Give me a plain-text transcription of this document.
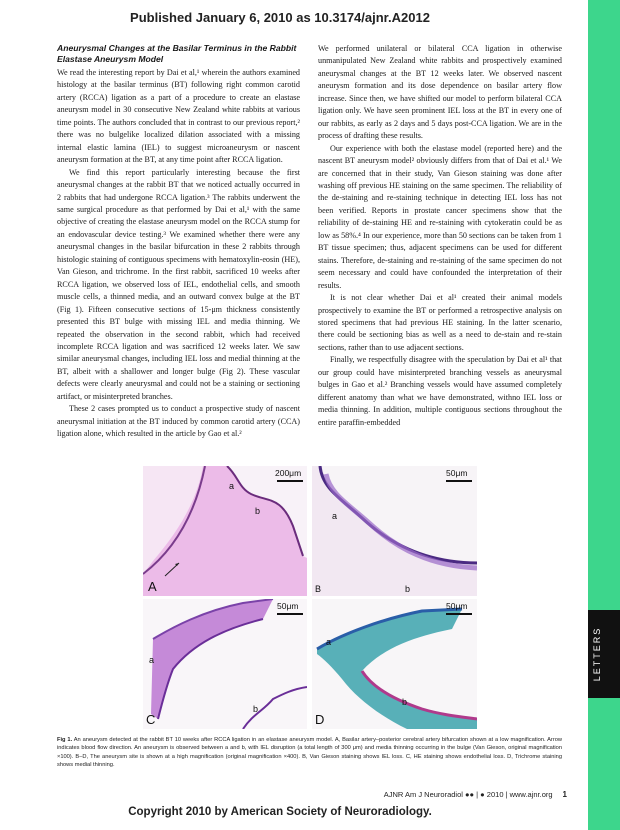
Published January 6, 2010 as 10.3174/ajnr.A2012
LETTERS
Aneurysmal Changes at the Basilar Terminus in the Rabbit Elastase Aneurysm Model

We read the interesting report by Dai et al,¹ wherein the authors examined histology at the basilar terminus (BT) following right common carotid artery (RCCA) ligation as a part of a procedure to create an elastase aneurysm model in 30 consecutive New Zealand white rabbits at various time points. The authors concluded that in contrast to our previous report,² there was no bulgelike localized dilation associated with a missing internal elastic lamina (IEL) to suggest microaneurysm or nascent aneurysm formation at the BT, at any time point after RCCA ligation.

We find this report particularly interesting because the first aneurysmal changes at the rabbit BT that we noticed actually occurred in 2 rabbits that had undergone RCCA ligation.³ The rabbits underwent the same surgical procedure as that performed by Dai et al,¹ with the same objective of creating the elastase aneurysm model on the RCCA stump for an endovascular device testing.³ We examined whether there were any aneurysmal changes in the basilar bifurcation in these 2 rabbits through histologic staining of contiguous specimens with hematoxylin-eosin (HE), Van Gieson, and trichrome. In the first rabbit, sacrificed 10 weeks after RCCA ligation, we observed loss of IEL, endothelial cells, and smooth muscle cells, a thinned media, and an outward convex bulge at the BT (Fig 1). Fifteen consecutive sections of 15-μm thickness consistently presented this BT bulge with missing IEL and media thinning. We repeated the observation in the second rabbit, which had received incomplete RCCA ligation and was sacrificed 12 weeks later. We saw similar aneurysmal changes, including IEL loss and medial thinning at the BT, albeit with a shallower and longer bulge (Fig 2). These vascular defects were clearly aneurysmal and could not be a staining or sectioning artifact, or misinterpreted branches.

These 2 cases prompted us to conduct a prospective study of nascent aneurysmal initiation at the BT induced by common carotid artery (CCA) ligation alone, which resulted in the article by Gao et al.²

We performed unilateral or bilateral CCA ligation in otherwise unmanipulated New Zealand white rabbits and prospectively examined aneurysmal changes at the BT 12 weeks later. We observed nascent aneurysm formation and its dose dependence on basilar artery flow increase. Since then, we have shifted our model to perform bilateral CCA ligation only. We have seen prominent IEL loss at the BT in every one of our rabbits, as early as 2 days and 5 days post-CCA ligation. We are in the process of drafting these results.

Our experience with both the elastase model (reported here) and the nascent BT aneurysm model² obviously differs from that of Dai et al.¹ We are concerned that in their study, Van Gieson staining was done after washing off previous HE staining on the same specimen. The reliability of the de-staining and re-staining technique in detecting IEL loss has not been verified. Reports in prostate cancer specimens show that the reliability of de-staining HE and re-staining with cytokeratin could be as low as 58%.⁴ In our experience, more than 50 sections can be taken from 1 BT tissue specimen; thus, adjacent specimens can be used for different stains. Therefore, de-staining and re-staining of the same specimen do not seem necessary and could have confounded the interpretation of their results.

It is not clear whether Dai et al¹ created their animal models prospectively to examine the BT or performed a retrospective analysis on stored specimens that had previous HE staining. In the latter scenario, there could be sectioning bias as well as a need to de-stain and re-stain sections, rather than to use adjacent sections.

Finally, we respectfully disagree with the speculation by Dai et al¹ that our group could have misinterpreted branching vessels as aneurysmal bulges in Gao et al.² Branching vessels would have assumed completely different anatomy than what we have demonstrated, withno IEL loss or media thinning. In addition, multiple contiguous sections throughout the entire paraffin-embedded

200μm
a
b
A
50μm
a
b
B
50μm
a
b
C
50μm
a
b
D
Fig 1. An aneurysm detected at the rabbit BT 10 weeks after RCCA ligation in an elastase aneurysm model. A, Basilar artery–posterior cerebral artery bifurcation shown at a low magnification. Arrow indicates blood flow direction. An aneurysm is observed between a and b, with IEL disruption (a total length of 300 μm) and media thinning occurring in the bulge (Van Gieson, original magnification ×100). B–D, The aneurysm site is shown at a high magnification (original magnification ×400). B, Van Gieson staining shows IEL loss. C, HE staining shows endothelial loss. D, Trichrome staining shows medial thinning.
AJNR Am J Neuroradiol ●● | ● 2010 | www.ajnr.org 1
Copyright 2010 by American Society of Neuroradiology.
